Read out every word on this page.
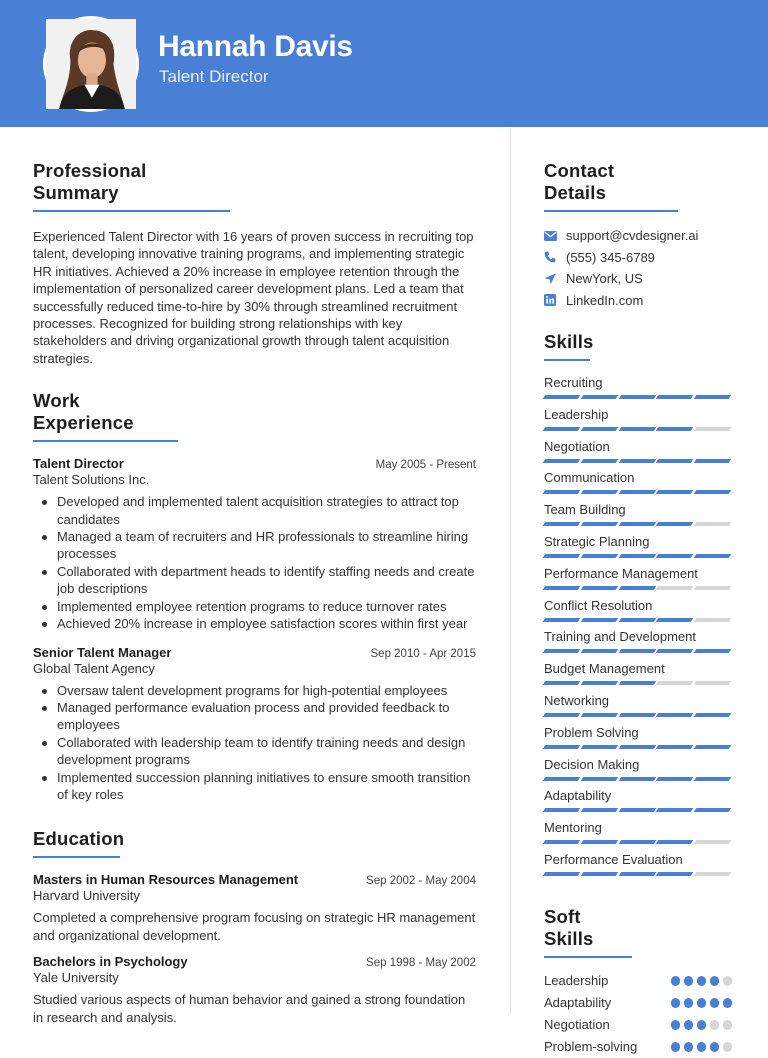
Hannah Davis
Talent Director
Professional Summary

Experienced Talent Director with 16 years of proven success in recruiting top talent, developing innovative training programs, and implementing strategic HR initiatives. Achieved a 20% increase in employee retention through the implementation of personalized career development plans. Led a team that successfully reduced time-to-hire by 30% through streamlined recruitment processes. Recognized for building strong relationships with key stakeholders and driving organizational growth through talent acquisition strategies.

Work Experience
Talent Director	May 2005 - Present
Talent Solutions Inc.
Developed and implemented talent acquisition strategies to attract top candidates
Managed a team of recruiters and HR professionals to streamline hiring processes
Collaborated with department heads to identify staffing needs and create job descriptions
Implemented employee retention programs to reduce turnover rates
Achieved 20% increase in employee satisfaction scores within first year
Senior Talent Manager	Sep 2010 - Apr 2015
Global Talent Agency
Oversaw talent development programs for high-potential employees
Managed performance evaluation process and provided feedback to employees
Collaborated with leadership team to identify training needs and design development programs
Implemented succession planning initiatives to ensure smooth transition of key roles
Education
Masters in Human Resources Management	Sep 2002 - May 2004
Harvard University

Completed a comprehensive program focusing on strategic HR management and organizational development.

Bachelors in Psychology	Sep 1998 - May 2002
Yale University

Studied various aspects of human behavior and gained a strong foundation in research and analysis.

Contact Details
support@cvdesigner.ai
(555) 345-6789
NewYork, US
LinkedIn.com
Skills
Recruiting
Leadership
Negotiation
Communication
Team Building
Strategic Planning
Performance Management
Conflict Resolution
Training and Development
Budget Management
Networking
Problem Solving
Decision Making
Adaptability
Mentoring
Performance Evaluation
Soft Skills
Leadership
Adaptability
Negotiation
Problem-solving
